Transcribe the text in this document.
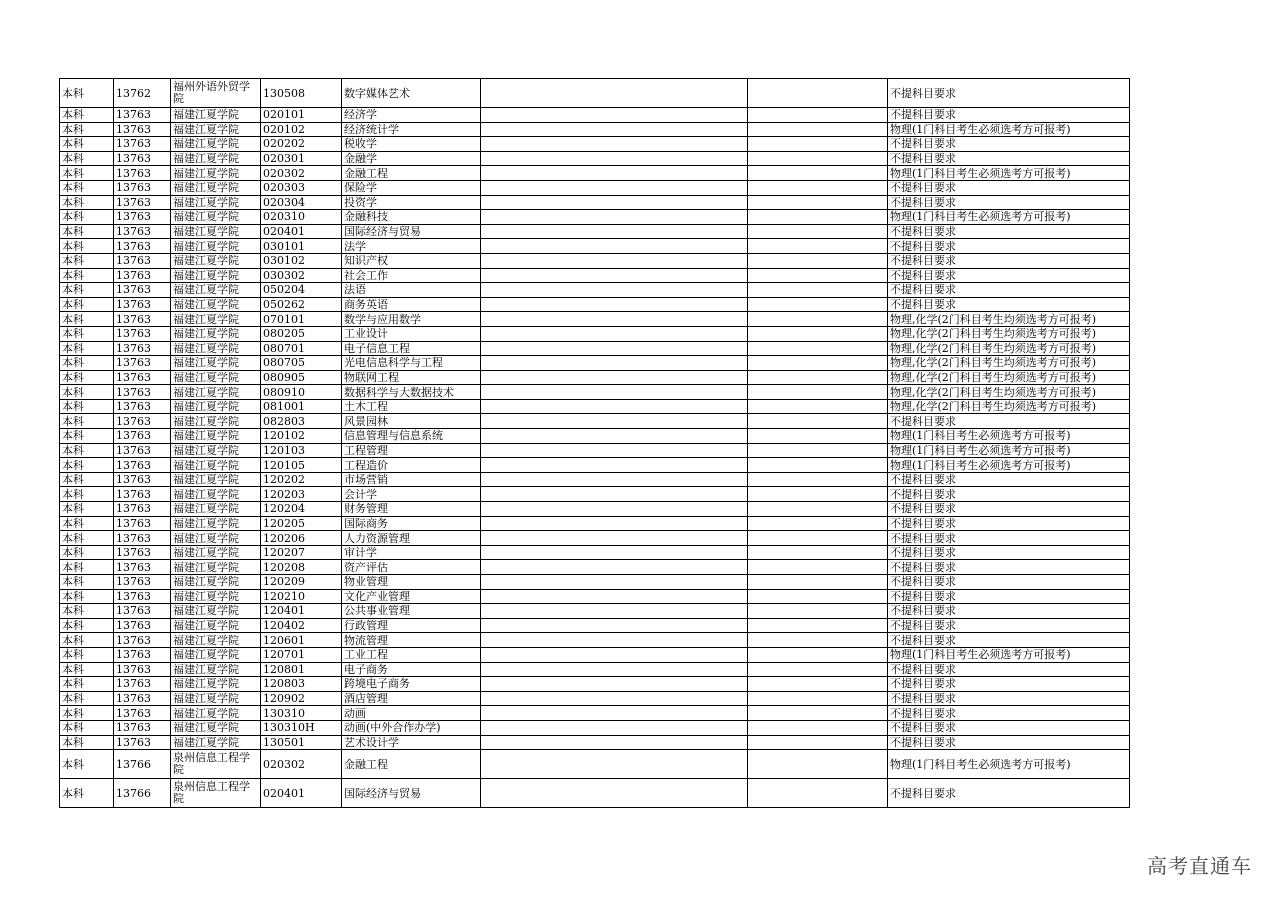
本科	13762	福州外语外贸学院	130508	数字媒体艺术			不提科目要求
本科	13763	福建江夏学院	020101	经济学			不提科目要求
本科	13763	福建江夏学院	020102	经济统计学			物理(1门科目考生必须选考方可报考)
本科	13763	福建江夏学院	020202	税收学			不提科目要求
本科	13763	福建江夏学院	020301	金融学			不提科目要求
本科	13763	福建江夏学院	020302	金融工程			物理(1门科目考生必须选考方可报考)
本科	13763	福建江夏学院	020303	保险学			不提科目要求
本科	13763	福建江夏学院	020304	投资学			不提科目要求
本科	13763	福建江夏学院	020310	金融科技			物理(1门科目考生必须选考方可报考)
本科	13763	福建江夏学院	020401	国际经济与贸易			不提科目要求
本科	13763	福建江夏学院	030101	法学			不提科目要求
本科	13763	福建江夏学院	030102	知识产权			不提科目要求
本科	13763	福建江夏学院	030302	社会工作			不提科目要求
本科	13763	福建江夏学院	050204	法语			不提科目要求
本科	13763	福建江夏学院	050262	商务英语			不提科目要求
本科	13763	福建江夏学院	070101	数学与应用数学			物理,化学(2门科目考生均须选考方可报考)
本科	13763	福建江夏学院	080205	工业设计			物理,化学(2门科目考生均须选考方可报考)
本科	13763	福建江夏学院	080701	电子信息工程			物理,化学(2门科目考生均须选考方可报考)
本科	13763	福建江夏学院	080705	光电信息科学与工程			物理,化学(2门科目考生均须选考方可报考)
本科	13763	福建江夏学院	080905	物联网工程			物理,化学(2门科目考生均须选考方可报考)
本科	13763	福建江夏学院	080910	数据科学与大数据技术			物理,化学(2门科目考生均须选考方可报考)
本科	13763	福建江夏学院	081001	土木工程			物理,化学(2门科目考生均须选考方可报考)
本科	13763	福建江夏学院	082803	风景园林			不提科目要求
本科	13763	福建江夏学院	120102	信息管理与信息系统			物理(1门科目考生必须选考方可报考)
本科	13763	福建江夏学院	120103	工程管理			物理(1门科目考生必须选考方可报考)
本科	13763	福建江夏学院	120105	工程造价			物理(1门科目考生必须选考方可报考)
本科	13763	福建江夏学院	120202	市场营销			不提科目要求
本科	13763	福建江夏学院	120203	会计学			不提科目要求
本科	13763	福建江夏学院	120204	财务管理			不提科目要求
本科	13763	福建江夏学院	120205	国际商务			不提科目要求
本科	13763	福建江夏学院	120206	人力资源管理			不提科目要求
本科	13763	福建江夏学院	120207	审计学			不提科目要求
本科	13763	福建江夏学院	120208	资产评估			不提科目要求
本科	13763	福建江夏学院	120209	物业管理			不提科目要求
本科	13763	福建江夏学院	120210	文化产业管理			不提科目要求
本科	13763	福建江夏学院	120401	公共事业管理			不提科目要求
本科	13763	福建江夏学院	120402	行政管理			不提科目要求
本科	13763	福建江夏学院	120601	物流管理			不提科目要求
本科	13763	福建江夏学院	120701	工业工程			物理(1门科目考生必须选考方可报考)
本科	13763	福建江夏学院	120801	电子商务			不提科目要求
本科	13763	福建江夏学院	120803	跨境电子商务			不提科目要求
本科	13763	福建江夏学院	120902	酒店管理			不提科目要求
本科	13763	福建江夏学院	130310	动画			不提科目要求
本科	13763	福建江夏学院	130310H	动画(中外合作办学)			不提科目要求
本科	13763	福建江夏学院	130501	艺术设计学			不提科目要求
本科	13766	泉州信息工程学院	020302	金融工程			物理(1门科目考生必须选考方可报考)
本科	13766	泉州信息工程学院	020401	国际经济与贸易			不提科目要求
高考直通车
